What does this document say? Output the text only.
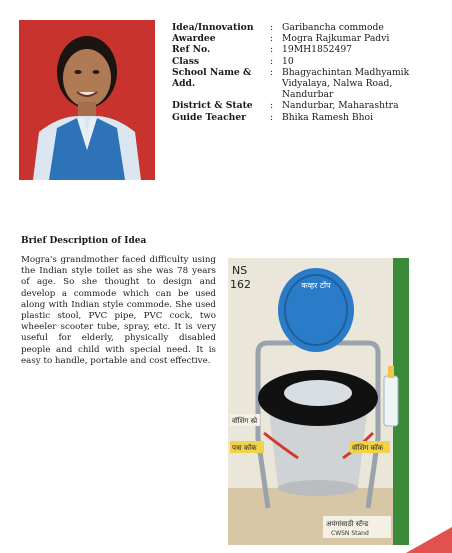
Idea/Innovation	: Garibancha commode
Awardee	: Mogra Rajkumar Padvi
Ref No.	: 19MH1852497
Class	: 10
School Name & Add.
: Bhagyachintan Madhyamik Vidyalaya, Nalwa Road, Nandurbar
District & State	: Nandurbar, Maharashtra
Guide Teacher	: Bhika Ramesh Bhoi
Brief Description of Idea
Mogra's grandmother faced difficulty using the Indian style toilet as she was 78 years of age. So she thought to design and develop a commode which can be used along with Indian style commode. She used plastic stool, PVC pipe, PVC cock, two wheeler scooter tube, spray, etc. It is very useful for elderly, physically disabled people and child with special need. It is easy to handle, portable and cost effective.
NS
162	कव्हर टॉप
वॉशिंग स्प्रे
पत्रा कॉक	वॉशिंग कॉक
अपंगांसाठी स्टॅन्ड
CWSN Stand
